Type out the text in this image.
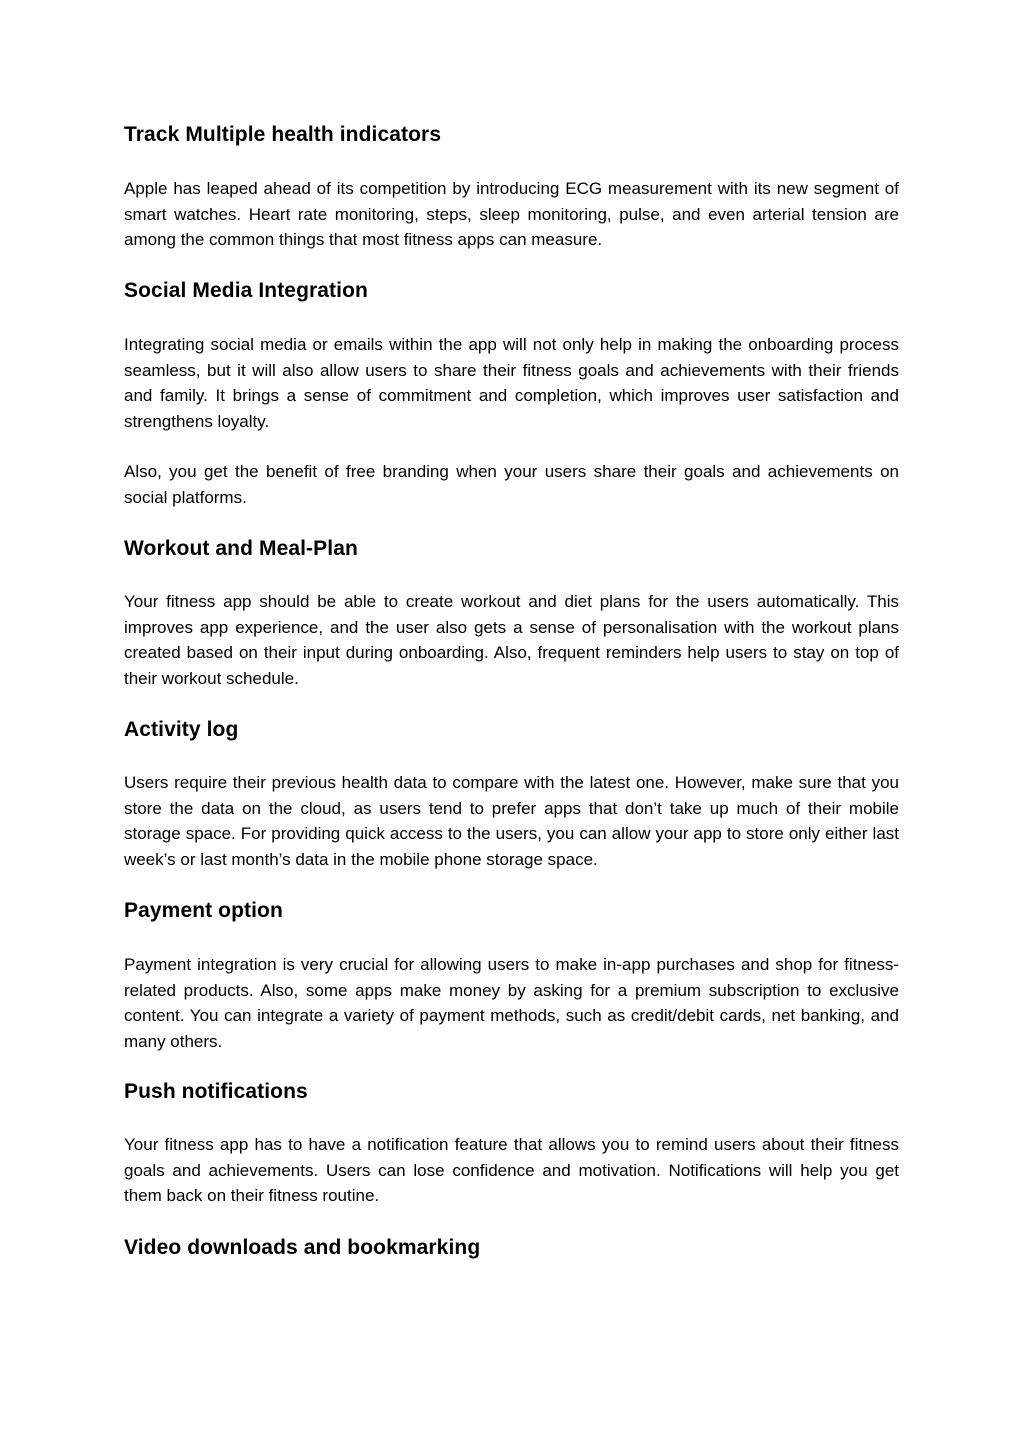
Track Multiple health indicators

Apple has leaped ahead of its competition by introducing ECG measurement with its new segment of smart watches. Heart rate monitoring, steps, sleep monitoring, pulse, and even arterial tension are among the common things that most fitness apps can measure.

Social Media Integration

Integrating social media or emails within the app will not only help in making the onboarding process seamless, but it will also allow users to share their fitness goals and achievements with their friends and family. It brings a sense of commitment and completion, which improves user satisfaction and strengthens loyalty.

Also, you get the benefit of free branding when your users share their goals and achievements on social platforms.

Workout and Meal-Plan

Your fitness app should be able to create workout and diet plans for the users automatically. This improves app experience, and the user also gets a sense of personalisation with the workout plans created based on their input during onboarding. Also, frequent reminders help users to stay on top of their workout schedule.

Activity log

Users require their previous health data to compare with the latest one. However, make sure that you store the data on the cloud, as users tend to prefer apps that don’t take up much of their mobile storage space. For providing quick access to the users, you can allow your app to store only either last week’s or last month’s data in the mobile phone storage space.

Payment option

Payment integration is very crucial for allowing users to make in-app purchases and shop for fitness-related products. Also, some apps make money by asking for a premium subscription to exclusive content. You can integrate a variety of payment methods, such as credit/debit cards, net banking, and many others.

Push notifications

Your fitness app has to have a notification feature that allows you to remind users about their fitness goals and achievements. Users can lose confidence and motivation. Notifications will help you get them back on their fitness routine.

Video downloads and bookmarking
